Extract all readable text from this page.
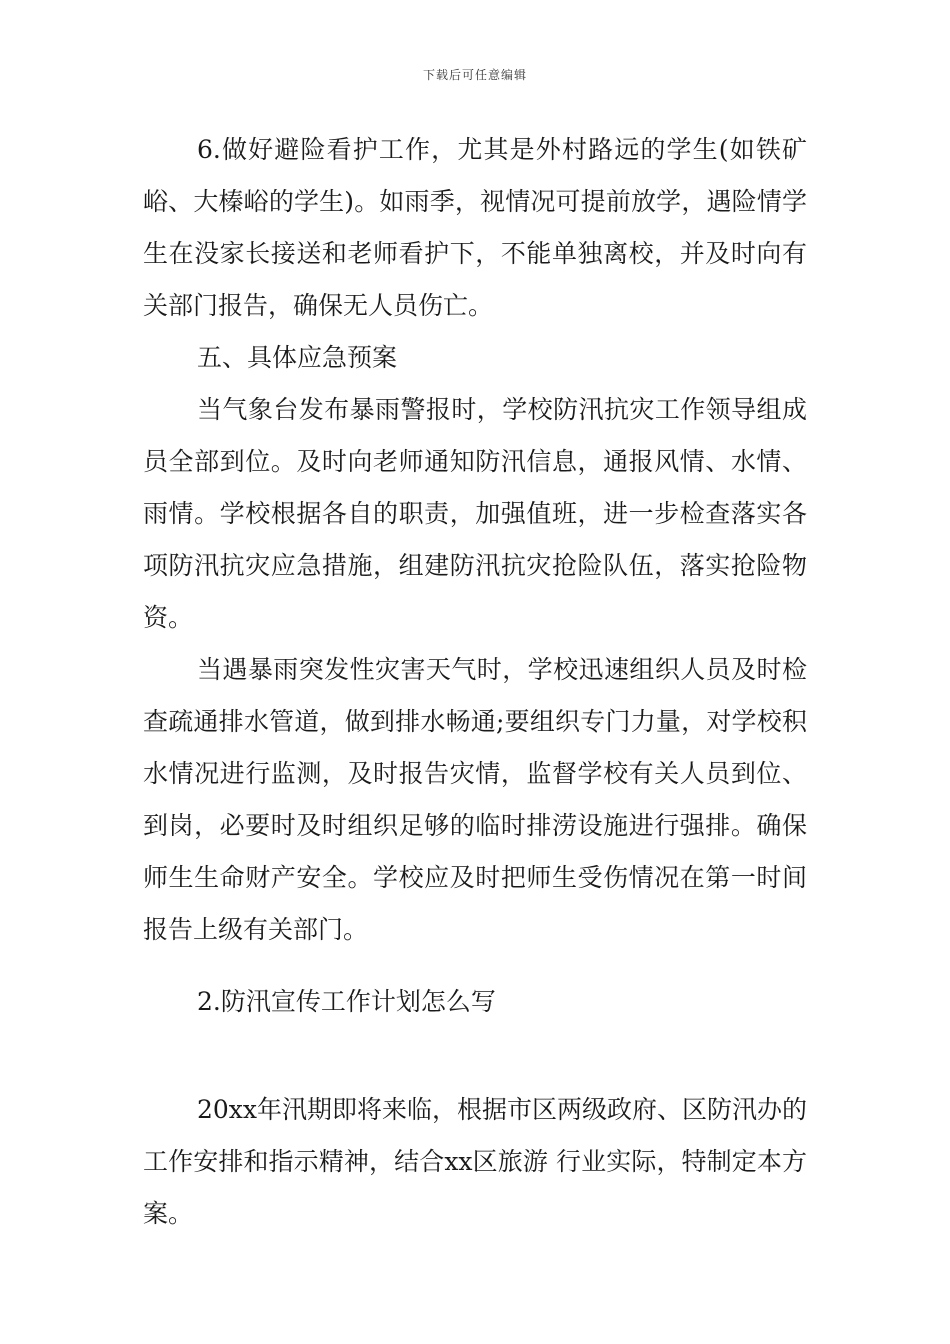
下载后可任意编辑

6.做好避险看护工作，尤其是外村路远的学生(如铁矿峪、大榛峪的学生)。如雨季，视情况可提前放学，遇险情学生在没家长接送和老师看护下，不能单独离校，并及时向有关部门报告，确保无人员伤亡。

五、具体应急预案

当气象台发布暴雨警报时，学校防汛抗灾工作领导组成员全部到位。及时向老师通知防汛信息，通报风情、水情、雨情。学校根据各自的职责，加强值班，进一步检查落实各项防汛抗灾应急措施，组建防汛抗灾抢险队伍，落实抢险物资。

当遇暴雨突发性灾害天气时，学校迅速组织人员及时检查疏通排水管道，做到排水畅通;要组织专门力量，对学校积水情况进行监测，及时报告灾情，监督学校有关人员到位、到岗，必要时及时组织足够的临时排涝设施进行强排。确保师生生命财产安全。学校应及时把师生受伤情况在第一时间报告上级有关部门。

2.防汛宣传工作计划怎么写

20xx年汛期即将来临，根据市区两级政府、区防汛办的工作安排和指示精神，结合xx区旅游 行业实际，特制定本方案。
